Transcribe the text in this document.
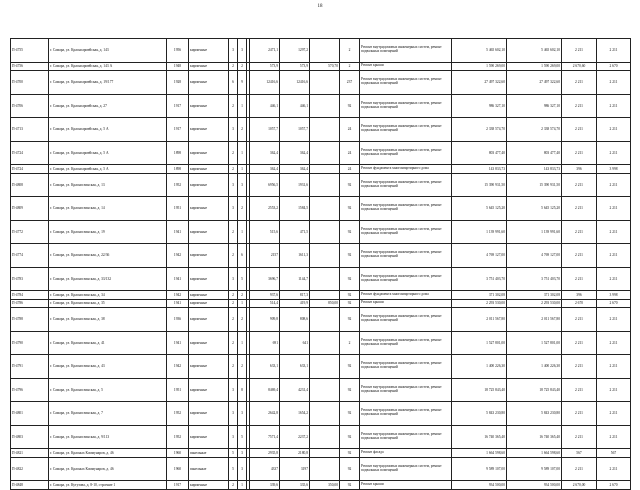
18
П-4755	г. Самара, ул. Красноармейская, д. 143	1956	кирпичные	3	3		2471,1	1297,2		2	Ремонт внутридомовых инженерных систем, ремонт подвальных помещений	5 465 602,10	5 465 602,10	2 211	2 211
П-4756	г. Самара, ул. Красноармейская, д. 143 А	1948	кирпичные	2	2		573,9	573,9	570,70	2	Ремонт крыши	1 590 269,00	1 590 269,00	2 670,60	2 670
П-4700	г. Самара, ул. Красноармейская, д. 19/177	1928	кирпичные	6	9		12416,6	12416,6		237	Ремонт внутридомовых инженерных систем, ремонт подвальных помещений	27 497 322,60	27 497 322,60	2 211	2 211
П-4706	г. Самара, ул. Красноармейская, д. 27	1917	кирпичные	2	1		446,1	446,1		92	Ремонт внутридомовых инженерных систем, ремонт подвальных помещений	986 327,10	986 327,10	2 211	2 211
П-4713	г. Самара, ул. Красноармейская, д. 5 А	1917	кирпичные	3	2		1057,7	1057,7		24	Ремонт внутридомовых инженерных систем, ремонт подвальных помещений	2 338 574,70	2 338 574,70	2 211	2 211
П-4724	г. Самара, ул. Красноармейская, д. 5 А	1898	кирпичные	2	1		362,4	362,4		24	Ремонт внутридомовых инженерных систем, ремонт подвальных помещений	803 477,40	803 477,40	2 211	2 211
П-4724	г. Самара, ул. Красноармейская, д. 5 А	1898	кирпичные	2	1		362,4	362,4		24	Ремонт фундамента многоквартирного дома	143 833,73	143 833,73	396	3 998
П-4808	г. Самара, ул. Красноглинская, д. 13	1952	кирпичные	3	3		6956,5	1931,6		92	Ремонт внутридомовых инженерных систем, ремонт подвальных помещений	15 390 931,50	15 390 931,50	2 211	2 211
П-4809	г. Самара, ул. Красноглинская, д. 14	1951	кирпичные	3	2		2553,2	1584,5		92	Ремонт внутридомовых инженерных систем, ремонт подвальных помещений	5 645 125,20	5 645 125,20	2 211	2 211
П-4772	г. Самара, ул. Красноглинская, д. 19	1941	кирпичные	2	1		515,6	471,5		92	Ремонт внутридомовых инженерных систем, ремонт подвальных помещений	1 139 991,60	1 139 991,60	2 211	2 211
П-4774	г. Самара, ул. Красноглинская, д. 22/36	1942	кирпичные	2	6		2157	1611,3		92	Ремонт внутридомовых инженерных систем, ремонт подвальных помещений	4 769 127,00	4 769 127,00	2 211	2 211
П-4783	г. Самара, ул. Красноглинская, д. 33/132	1941	кирпичные	3	5		3696,7	1144,7		92	Ремонт внутридомовых инженерных систем, ремонт подвальных помещений	3 751 403,70	3 751 403,70	2 211	2 211
П-4784	г. Самара, ул. Красноглинская, д. 34	1942	кирпичные	2	2		937,6	817,3		92	Ремонт фундамента многоквартирного дома	371 302,08	371 302,08	396	3 998
П-4786	г. Самара, ул. Красноглинская, д. 35	1941	кирпичные	2	1		514,4	419,9	850,00	92	Ремонт крыши	2 293 530,00	2 293 530,00	2 670	2 670
П-4788	г. Самара, ул. Красноглинская, д. 38	1936	кирпичные	2	2		909,8	808,6		92	Ремонт внутридомовых инженерных систем, ремонт подвальных помещений	2 011 567,80	2 011 567,80	2 211	2 211
П-4790	г. Самара, ул. Красноглинская, д. 41	1941	кирпичные	2	1		691	641		2	Ремонт внутридомовых инженерных систем, ремонт подвальных помещений	1 527 801,00	1 527 801,00	2 211	2 211
П-4791	г. Самара, ул. Красноглинская, д. 43	1942	кирпичные	2	2		633,1	633,1		92	Ремонт внутридомовых инженерных систем, ремонт подвальных помещений	1 400 226,30	1 400 226,30	2 211	2 211
П-4796	г. Самара, ул. Красноглинская, д. 5	1951	кирпичные	3	8		8469,4	4231,4		92	Ремонт внутридомовых инженерных систем, ремонт подвальных помещений	18 725 843,40	18 725 843,40	2 211	2 211
П-4801	г. Самара, ул. Красноглинская, д. 7	1952	кирпичные	3	3		2642,8	1654,2		92	Ремонт внутридомовых инженерных систем, ремонт подвальных помещений	5 843 230,80	5 843 230,80	2 211	2 211
П-4803	г. Самара, ул. Красноглинская, д. 9/113	1952	кирпичные	3	5		7571,4	2237,2		92	Ремонт внутридомовых инженерных систем, ремонт подвальных помещений	16 740 365,40	16 740 365,40	2 211	2 211
П-4821	г. Самара, ул. Красных Коммунаров, д. 46	1960	панельные	5	3		2935,8	2180,8		92	Ремонт фасада	1 664 598,60	1 664 598,60	567	567
П-4822	г. Самара, ул. Красных Коммунаров, д. 46	1960	панельные	5	3		4337	3197		92	Ремонт внутридомовых инженерных систем, ремонт подвальных помещений	9 589 107,00	9 589 107,00	2 211	2 211
П-4848	г. Самара, ул. Кутузова, д. 8-10, строение 1	1917	кирпичные	2	1		339,6	335,6	350,00	92	Ремонт крыши	934 500,00	934 500,00	2 670,00	2 670
